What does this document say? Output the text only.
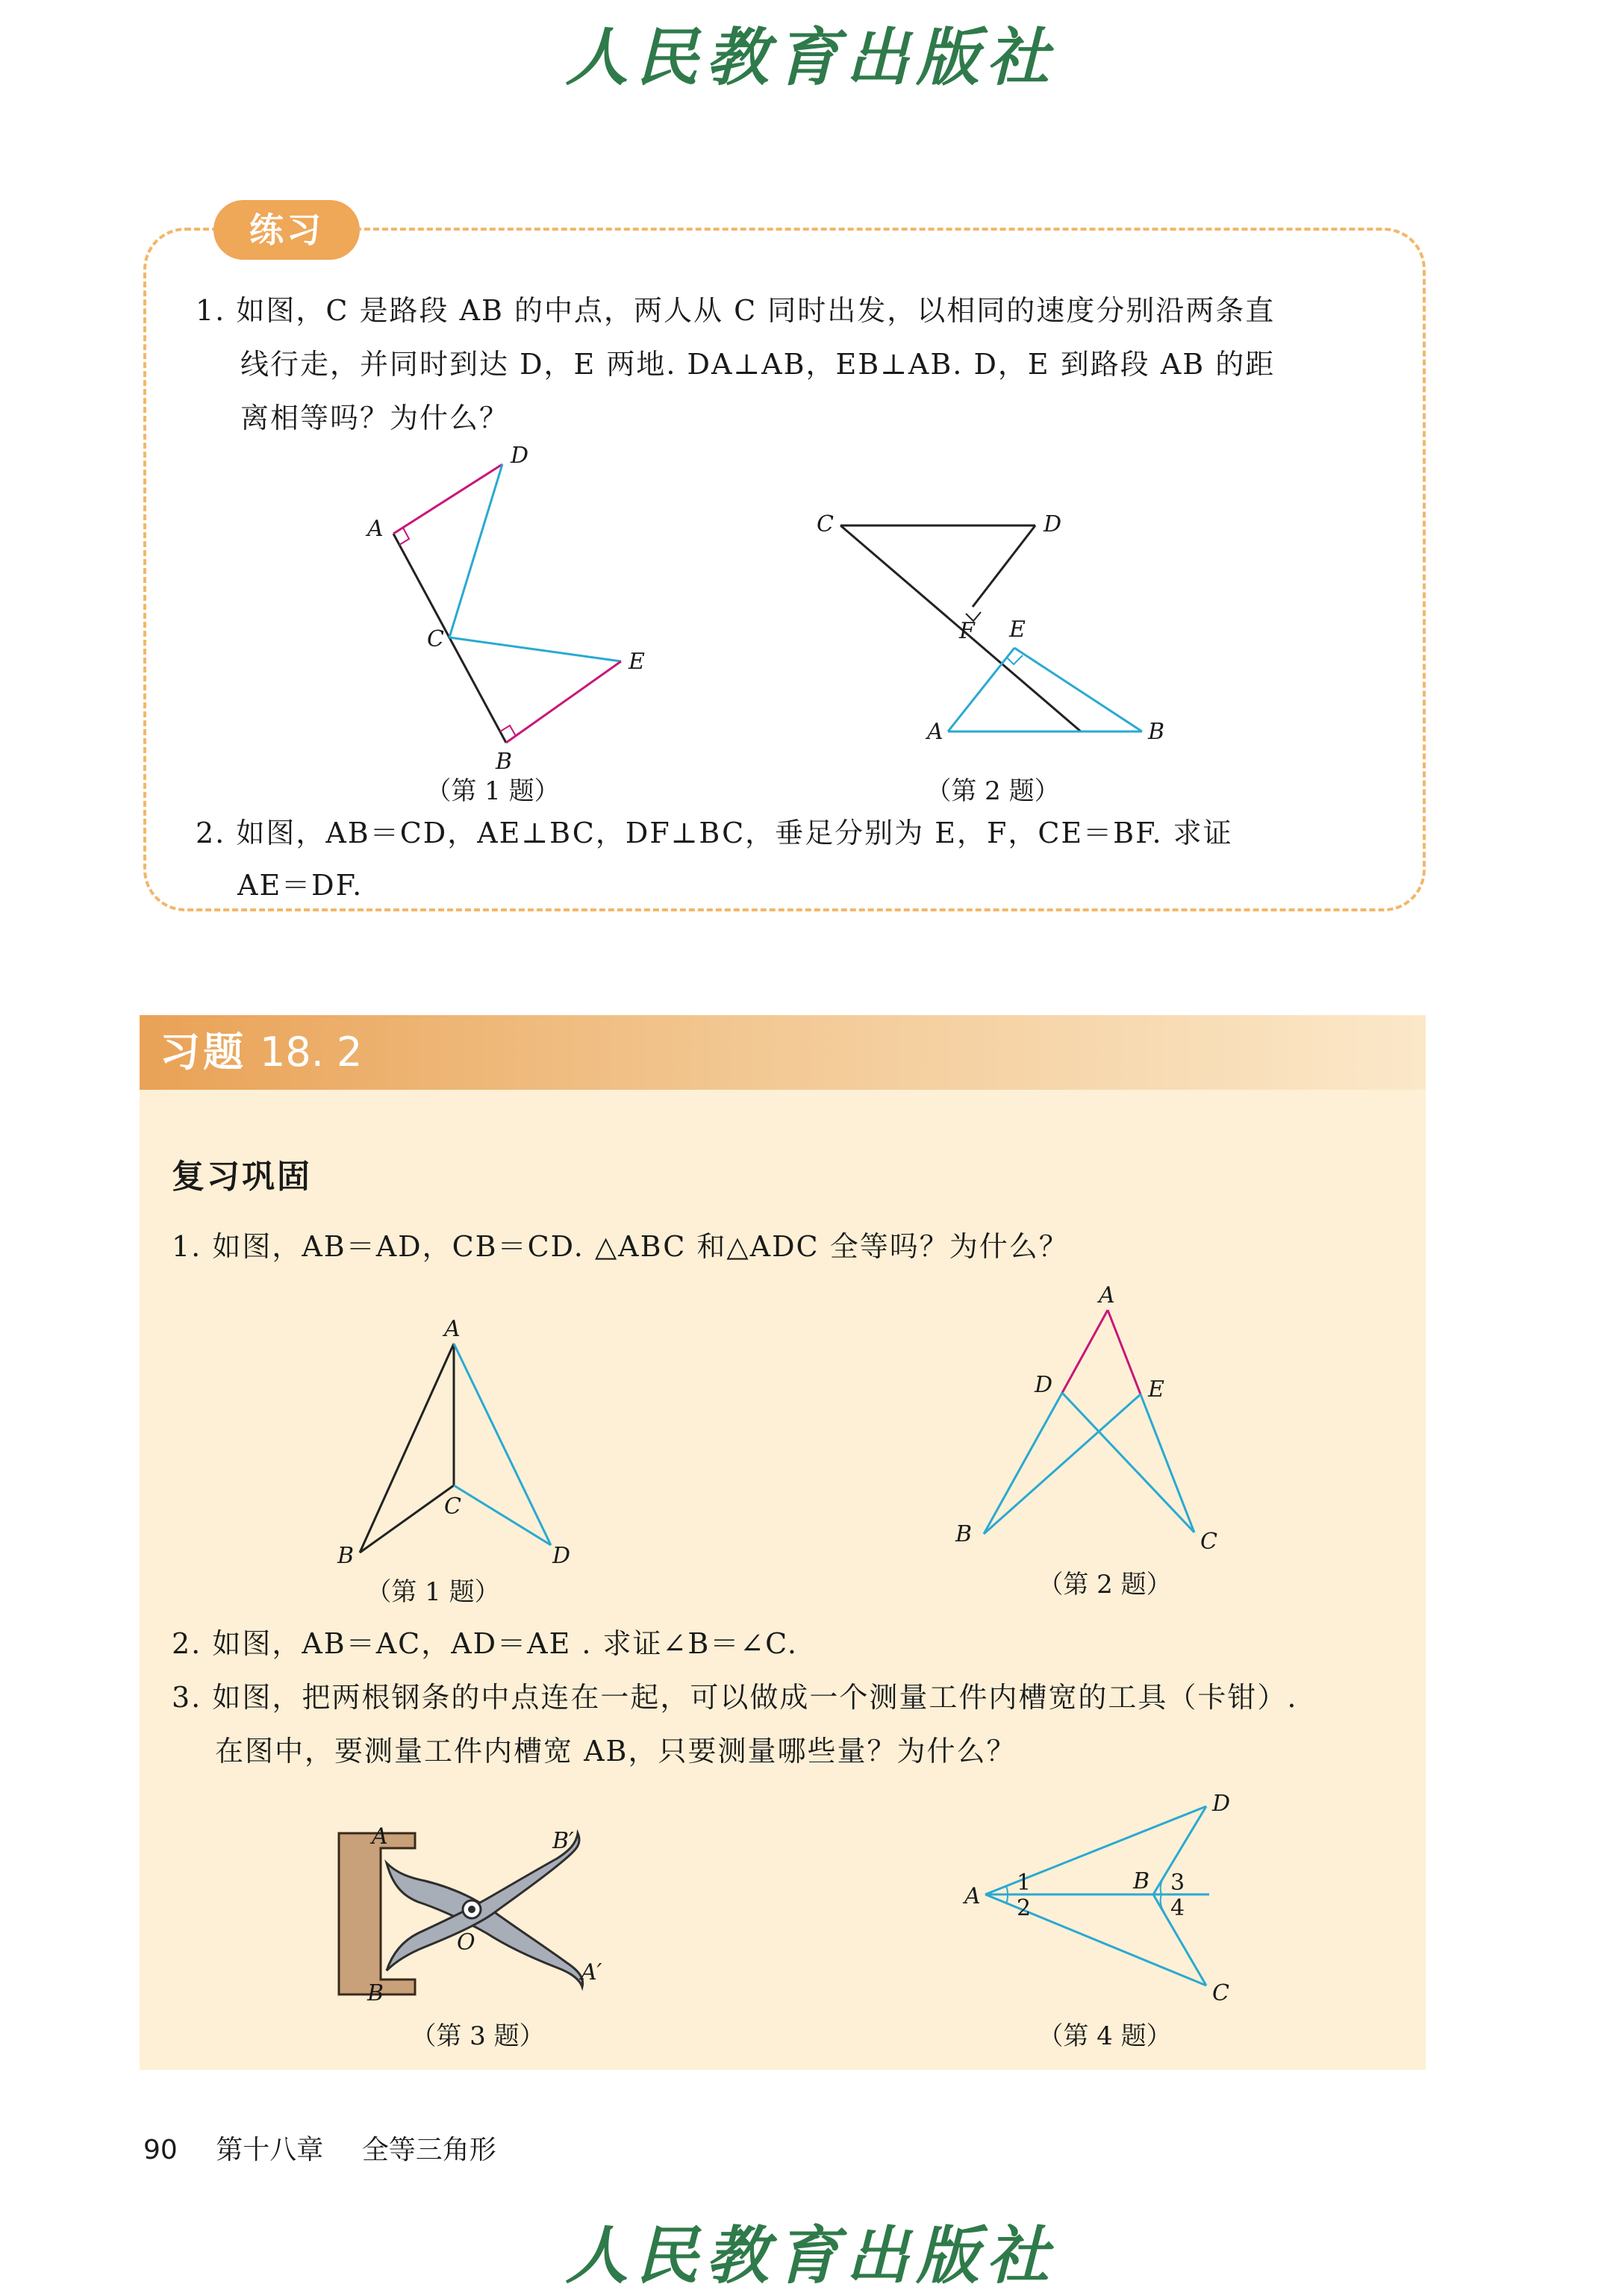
人民教育出版社
练习
1. 如图，C 是路段 AB 的中点，两人从 C 同时出发，以相同的速度分别沿两条直
线行走，并同时到达 D，E 两地. DA⊥AB，EB⊥AB. D，E 到路段 AB 的距
离相等吗？为什么？
A
D
C
E
B
（第 1 题）
C	D
F E
A	B
（第 2 题）
2. 如图，AB＝CD，AE⊥BC，DF⊥BC，垂足分别为 E，F，CE＝BF. 求证
AE＝DF.
习题 18. 2
复习巩固
1. 如图，AB＝AD，CB＝CD. △ABC 和△ADC 全等吗？为什么？
A
C
B	D
（第 1 题）
A
D	E
B	C
（第 2 题）
2. 如图，AB＝AC，AD＝AE . 求证∠B＝∠C.
3. 如图，把两根钢条的中点连在一起，可以做成一个测量工件内槽宽的工具（卡钳）.
在图中，要测量工件内槽宽 AB，只要测量哪些量？为什么？
A
B
O
B′
A′
（第 3 题）
A
B
D
C
1
2
3
4
（第 4 题）
90 第十八章 全等三角形
人民教育出版社
